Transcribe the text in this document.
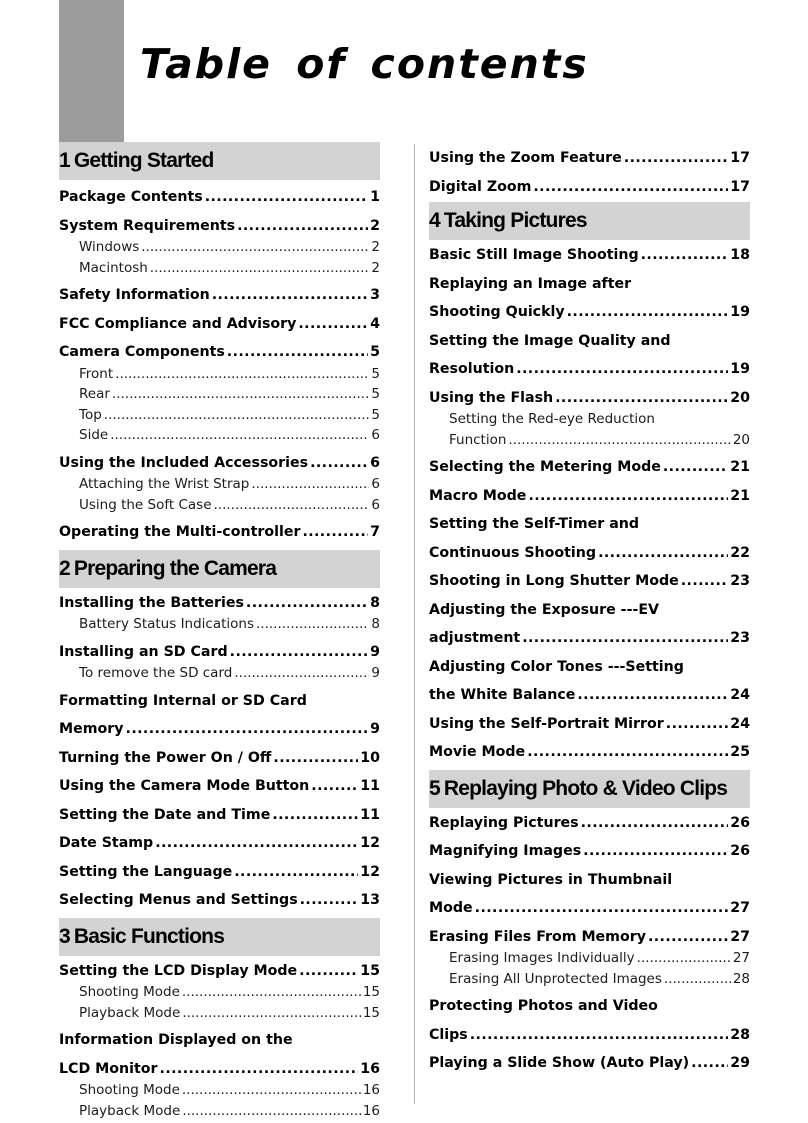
Table of contents
1 Getting Started
Package Contents .....	1
System Requirements .....	2
Windows .....	2
Macintosh .....	2
Safety Information .....	3
FCC Compliance and Advisory .....	4
Camera Components .....	5
Front .....	5
Rear .....	5
Top .....	5
Side .....	6
Using the Included Accessories .....	6
Attaching the Wrist Strap .....	6
Using the Soft Case .....	6
Operating the Multi-controller .....	7
2 Preparing the Camera
Installing the Batteries .....	8
Battery Status Indications .....	8
Installing an SD Card .....	9
To remove the SD card .....	9
Formatting Internal or SD Card
Memory .....	9
Turning the Power On / Off .....	10
Using the Camera Mode Button .....	11
Setting the Date and Time .....	11
Date Stamp .....	12
Setting the Language .....	12
Selecting Menus and Settings .....	13
3 Basic Functions
Setting the LCD Display Mode .....	15
Shooting Mode .....	15
Playback Mode .....	15
Information Displayed on the
LCD Monitor .....	16
Shooting Mode .....	16
Playback Mode .....	16
Using the Zoom Feature .....	17
Digital Zoom .....	17
4 Taking Pictures
Basic Still Image Shooting .....	18
Replaying an Image after
Shooting Quickly .....	19
Setting the Image Quality and
Resolution .....	19
Using the Flash .....	20
Setting the Red-eye Reduction
Function .....	20
Selecting the Metering Mode .....	21
Macro Mode .....	21
Setting the Self-Timer and
Continuous Shooting .....	22
Shooting in Long Shutter Mode .....	23
Adjusting the Exposure ---EV
adjustment .....	23
Adjusting Color Tones ---Setting
the White Balance .....	24
Using the Self-Portrait Mirror .....	24
Movie Mode .....	25
5 Replaying Photo & Video Clips
Replaying Pictures .....	26
Magnifying Images .....	26
Viewing Pictures in Thumbnail
Mode .....	27
Erasing Files From Memory .....	27
Erasing Images Individually .....	27
Erasing All Unprotected Images .....	28
Protecting Photos and Video
Clips .....	28
Playing a Slide Show (Auto Play) .....	29
